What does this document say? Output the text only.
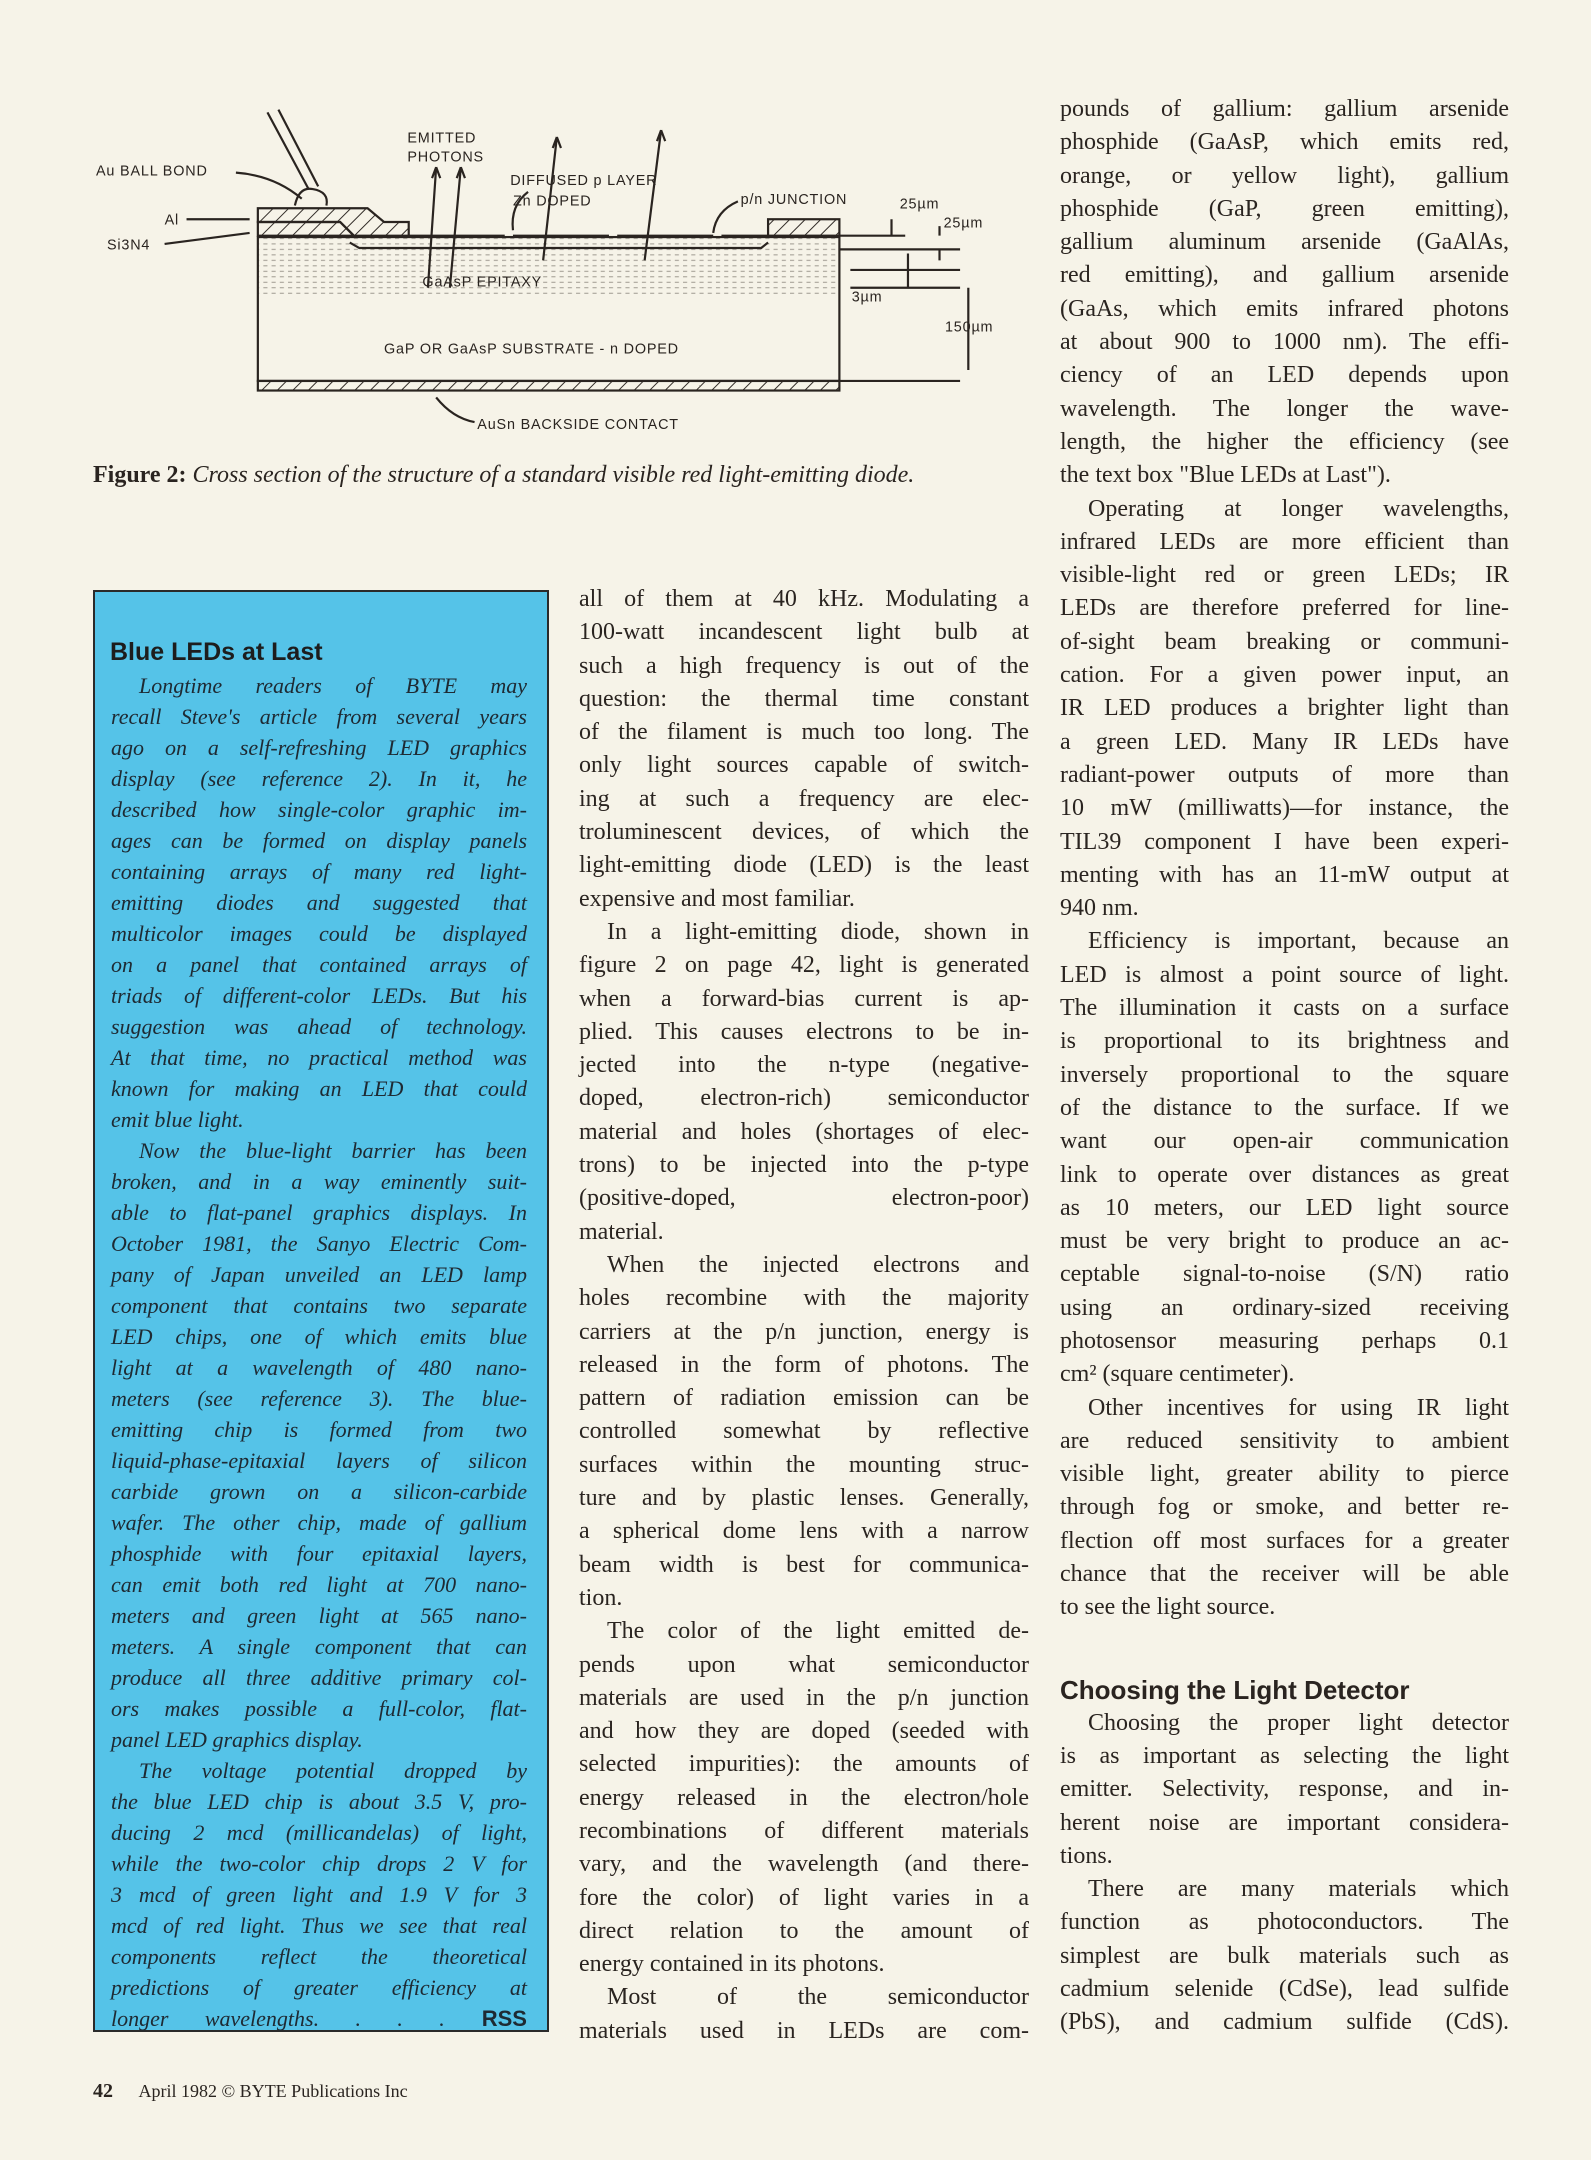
Au BALL BOND
Al
Si3N4
EMITTED
PHOTONS
DIFFUSED p LAYER
Zn DOPED	p/n JUNCTION	25µm
25µm
3µm
150µm
GaAsP EPITAXY
GaP OR GaAsP SUBSTRATE - n DOPED
AuSn BACKSIDE CONTACT
Figure 2: Cross section of the structure of a standard visible red light-emitting diode.
Blue LEDs at Last
Longtime readers of BYTE may
recall Steve's article from several years
ago on a self-refreshing LED graphics
display (see reference 2). In it, he
described how single-color graphic im-
ages can be formed on display panels
containing arrays of many red light-
emitting diodes and suggested that
multicolor images could be displayed
on a panel that contained arrays of
triads of different-color LEDs. But his
suggestion was ahead of technology.
At that time, no practical method was
known for making an LED that could
emit blue light.
Now the blue-light barrier has been
broken, and in a way eminently suit-
able to flat-panel graphics displays. In
October 1981, the Sanyo Electric Com-
pany of Japan unveiled an LED lamp
component that contains two separate
LED chips, one of which emits blue
light at a wavelength of 480 nano-
meters (see reference 3). The blue-
emitting chip is formed from two
liquid-phase-epitaxial layers of silicon
carbide grown on a silicon-carbide
wafer. The other chip, made of gallium
phosphide with four epitaxial layers,
can emit both red light at 700 nano-
meters and green light at 565 nano-
meters. A single component that can
produce all three additive primary col-
ors makes possible a full-color, flat-
panel LED graphics display.
The voltage potential dropped by
the blue LED chip is about 3.5 V, pro-
ducing 2 mcd (millicandelas) of light,
while the two-color chip drops 2 V for
3 mcd of green light and 1.9 V for 3
mcd of red light. Thus we see that real
components reflect the theoretical
predictions of greater efficiency at
longer wavelengths. . . . RSS
all of them at 40 kHz. Modulating a
100-watt incandescent light bulb at
such a high frequency is out of the
question: the thermal time constant
of the filament is much too long. The
only light sources capable of switch-
ing at such a frequency are elec-
troluminescent devices, of which the
light-emitting diode (LED) is the least
expensive and most familiar.
In a light-emitting diode, shown in
figure 2 on page 42, light is generated
when a forward-bias current is ap-
plied. This causes electrons to be in-
jected into the n-type (negative-
doped, electron-rich) semiconductor
material and holes (shortages of elec-
trons) to be injected into the p-type
(positive-doped, electron-poor)
material.
When the injected electrons and
holes recombine with the majority
carriers at the p/n junction, energy is
released in the form of photons. The
pattern of radiation emission can be
controlled somewhat by reflective
surfaces within the mounting struc-
ture and by plastic lenses. Generally,
a spherical dome lens with a narrow
beam width is best for communica-
tion.
The color of the light emitted de-
pends upon what semiconductor
materials are used in the p/n junction
and how they are doped (seeded with
selected impurities): the amounts of
energy released in the electron/hole
recombinations of different materials
vary, and the wavelength (and there-
fore the color) of light varies in a
direct relation to the amount of
energy contained in its photons.
Most of the semiconductor
materials used in LEDs are com-
pounds of gallium: gallium arsenide
phosphide (GaAsP, which emits red,
orange, or yellow light), gallium
phosphide (GaP, green emitting),
gallium aluminum arsenide (GaAlAs,
red emitting), and gallium arsenide
(GaAs, which emits infrared photons
at about 900 to 1000 nm). The effi-
ciency of an LED depends upon
wavelength. The longer the wave-
length, the higher the efficiency (see
the text box "Blue LEDs at Last").
Operating at longer wavelengths,
infrared LEDs are more efficient than
visible-light red or green LEDs; IR
LEDs are therefore preferred for line-
of-sight beam breaking or communi-
cation. For a given power input, an
IR LED produces a brighter light than
a green LED. Many IR LEDs have
radiant-power outputs of more than
10 mW (milliwatts)—for instance, the
TIL39 component I have been experi-
menting with has an 11-mW output at
940 nm.
Efficiency is important, because an
LED is almost a point source of light.
The illumination it casts on a surface
is proportional to its brightness and
inversely proportional to the square
of the distance to the surface. If we
want our open-air communication
link to operate over distances as great
as 10 meters, our LED light source
must be very bright to produce an ac-
ceptable signal-to-noise (S/N) ratio
using an ordinary-sized receiving
photosensor measuring perhaps 0.1
cm² (square centimeter).
Other incentives for using IR light
are reduced sensitivity to ambient
visible light, greater ability to pierce
through fog or smoke, and better re-
flection off most surfaces for a greater
chance that the receiver will be able
to see the light source.
Choosing the Light Detector
Choosing the proper light detector
is as important as selecting the light
emitter. Selectivity, response, and in-
herent noise are important considera-
tions.
There are many materials which
function as photoconductors. The
simplest are bulk materials such as
cadmium selenide (CdSe), lead sulfide
(PbS), and cadmium sulfide (CdS).
42 April 1982 © BYTE Publications Inc
